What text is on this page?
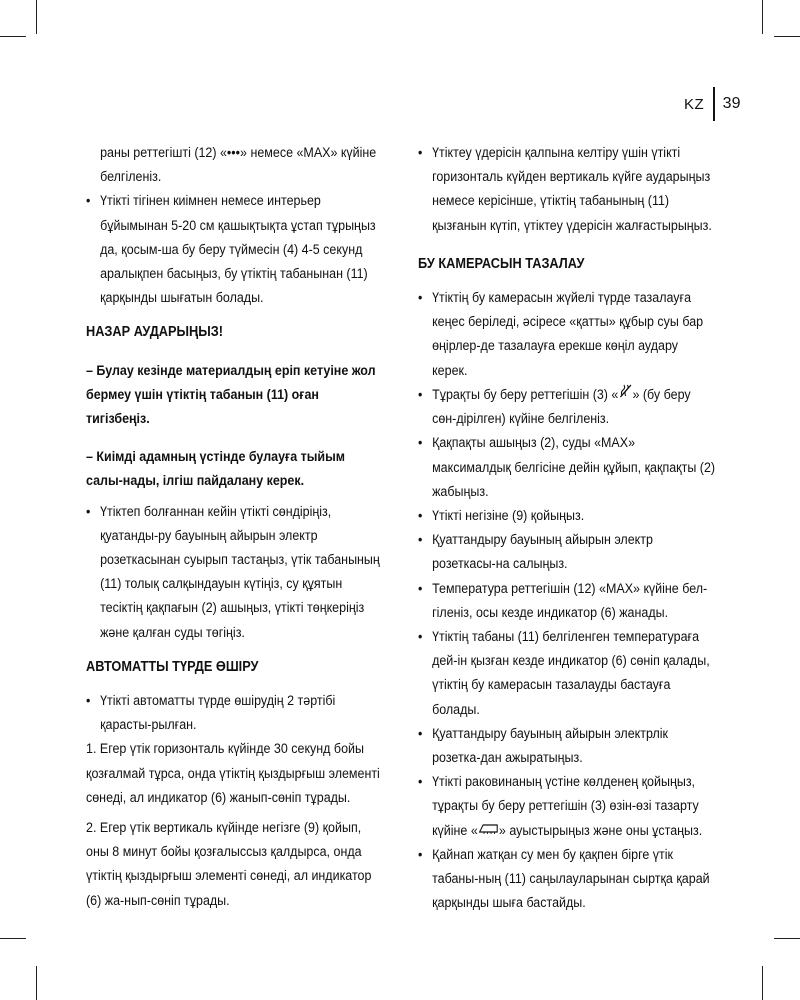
KZ 39

раны реттегішті (12) «•••» немесе «MAX» күйіне белгіленіз.

• Үтікті тігінен киімнен немесе интерьер бұйымынан 5-20 см қашықтықта ұстап тұрыңыз да, қосым-ша бу беру түймесін (4) 4-5 секунд аралықпен басыңыз, бу үтіктің табанынан (11) қарқынды шығатын болады.

НАЗАР АУДАРЫҢЫЗ!

– Булау кезінде материалдың еріп кетуіне жол бермеу үшін үтіктің табанын (11) оған тигізбеңіз.

– Киімді адамның үстінде булауға тыйым салы-нады, ілгіш пайдалану керек.

• Үтіктеп болғаннан кейін үтікті сөндіріңіз, қуатанды-ру бауының айырын электр розеткасынан суырып тастаңыз, үтік табанының (11) толық салқындауын күтіңіз, су құятын тесіктің қақпағын (2) ашыңыз, үтікті төңкеріңіз және қалған суды төгіңіз.

АВТОМАТТЫ ТҮРДЕ ӨШІРУ

• Үтікті автоматты түрде өшірудің 2 тәртібі қарасты-рылған.

1. Егер үтік горизонталь күйінде 30 секунд бойы қозғалмай тұрса, онда үтіктің қыздырғыш элементі сөнеді, ал индикатор (6) жанып-сөніп тұрады.

2. Егер үтік вертикаль күйінде негізге (9) қойып, оны 8 минут бойы қозғалыссыз қалдырса, онда үтіктің қыздырғыш элементі сөнеді, ал индикатор (6) жа-нып-сөніп тұрады.

• Үтіктеу үдерісін қалпына келтіру үшін үтікті горизонталь күйден вертикаль күйге аударыңыз немесе керісінше, үтіктің табанының (11) қызғанын күтіп, үтіктеу үдерісін жалғастырыңыз.

БУ КАМЕРАСЫН ТАЗАЛАУ

• Үтіктің бу камерасын жүйелі түрде тазалауға кеңес беріледі, әсіресе «қатты» құбыр суы бар өңірлер-де тазалауға ерекше көңіл аудару керек.

• Тұрақты бу беру реттегішін (3) « » (бу беру сөн-дірілген) күйіне белгіленіз.

• Қақпақты ашыңыз (2), суды «MAX» максималдық белгісіне дейін құйып, қақпақты (2) жабыңыз.

• Үтікті негізіне (9) қойыңыз.

• Қуаттандыру бауының айырын электр розеткасы-на салыңыз.

• Температура реттегішін (12) «MAX» күйіне бел-гіленіз, осы кезде индикатор (6) жанады.

• Үтіктің табаны (11) белгіленген температураға дей-ін қызған кезде индикатор (6) сөніп қалады, үтіктің бу камерасын тазалауды бастауға болады.

• Қуаттандыру бауының айырын электрлік розетка-дан ажыратыңыз.

• Үтікті раковинаның үстіне көлденең қойыңыз, тұрақты бу беру реттегішін (3) өзін-өзі тазарту
күйіне « » ауыстырыңыз және оны ұстаңыз.

• Қайнап жатқан су мен бу қақпен бірге үтік табаны-ның (11) саңылауларынан сыртқа қарай қарқынды шыға бастайды.
